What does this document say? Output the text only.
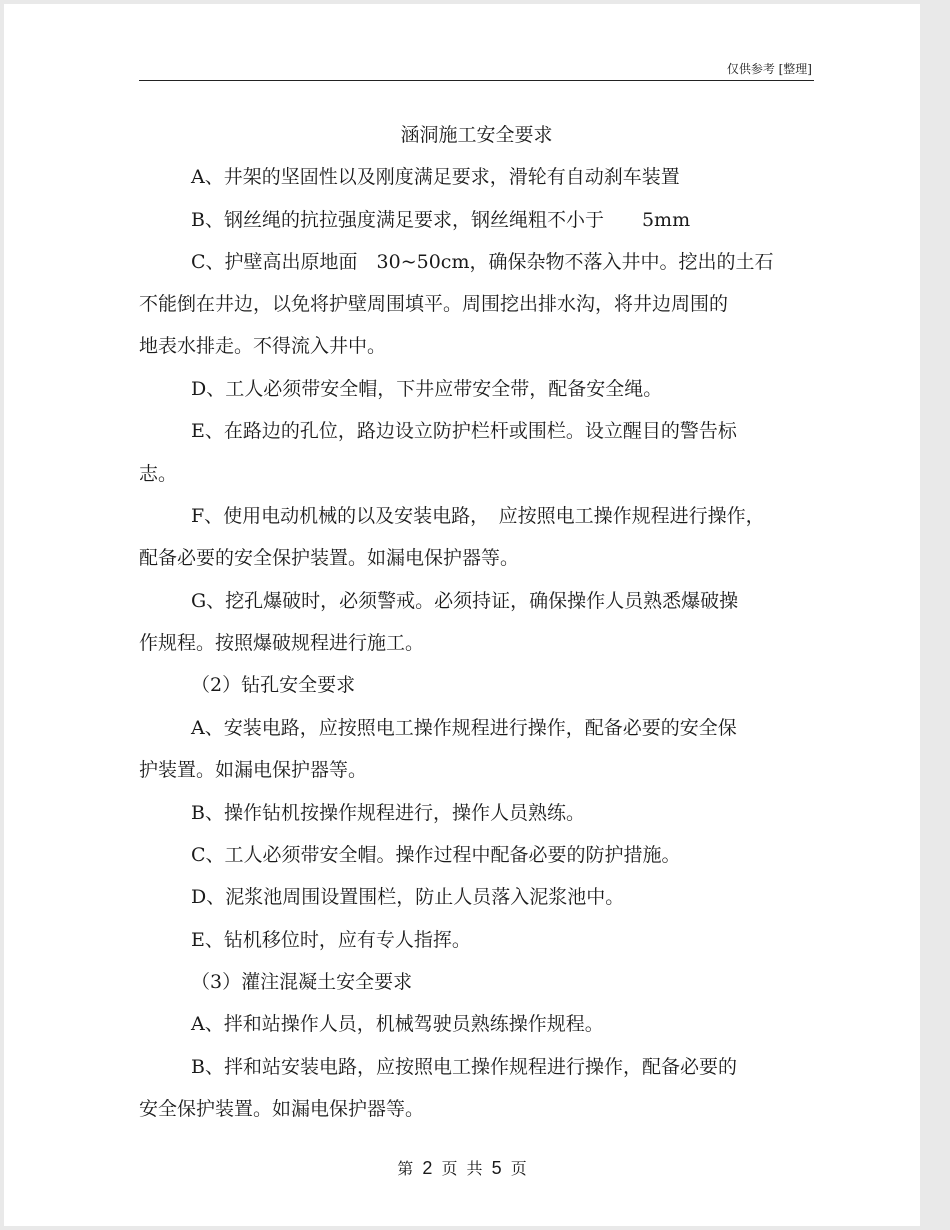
仅供参考 [整理]
涵洞施工安全要求
A、井架的坚固性以及刚度满足要求，滑轮有自动刹车装置
B、钢丝绳的抗拉强度满足要求，钢丝绳粗不小于　　5mm
C、护壁高出原地面　30~50cm，确保杂物不落入井中。挖出的土石
不能倒在井边，以免将护壁周围填平。周围挖出排水沟，将井边周围的
地表水排走。不得流入井中。
D、工人必须带安全帽，下井应带安全带，配备安全绳。
E、在路边的孔位，路边设立防护栏杆或围栏。设立醒目的警告标
志。
F、使用电动机械的以及安装电路，　应按照电工操作规程进行操作，
配备必要的安全保护装置。如漏电保护器等。
G、挖孔爆破时，必须警戒。必须持证，确保操作人员熟悉爆破操
作规程。按照爆破规程进行施工。
（2）钻孔安全要求
A、安装电路，应按照电工操作规程进行操作，配备必要的安全保
护装置。如漏电保护器等。
B、操作钻机按操作规程进行，操作人员熟练。
C、工人必须带安全帽。操作过程中配备必要的防护措施。
D、泥浆池周围设置围栏，防止人员落入泥浆池中。
E、钻机移位时，应有专人指挥。
（3）灌注混凝土安全要求
A、拌和站操作人员，机械驾驶员熟练操作规程。
B、拌和站安装电路，应按照电工操作规程进行操作，配备必要的
安全保护装置。如漏电保护器等。
第 2 页 共 5 页
